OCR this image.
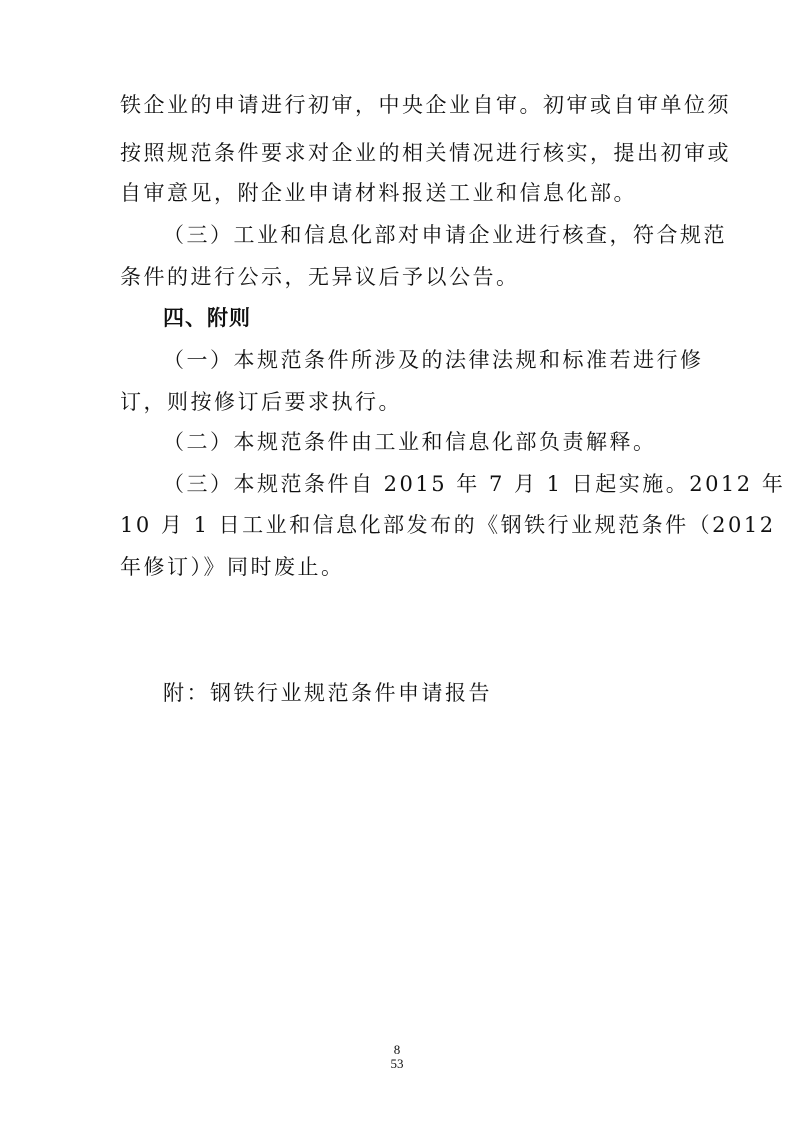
铁企业的申请进行初审，中央企业自审。初审或自审单位须
按照规范条件要求对企业的相关情况进行核实，提出初审或
自审意见，附企业申请材料报送工业和信息化部。
（三）工业和信息化部对申请企业进行核查，符合规范
条件的进行公示，无异议后予以公告。
四、附则
（一）本规范条件所涉及的法律法规和标准若进行修
订，则按修订后要求执行。
（二）本规范条件由工业和信息化部负责解释。
（三）本规范条件自 2015 年 7 月 1 日起实施。2012 年
10 月 1 日工业和信息化部发布的《钢铁行业规范条件（2012
年修订）》同时废止。
附：钢铁行业规范条件申请报告
8
53
